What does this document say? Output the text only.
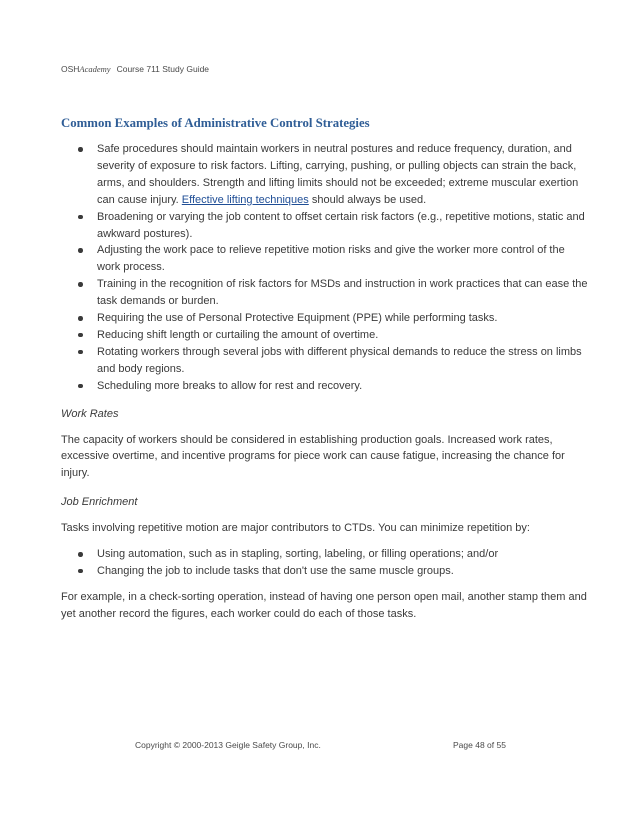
OSHAcademy Course 711 Study Guide
Common Examples of Administrative Control Strategies
Safe procedures should maintain workers in neutral postures and reduce frequency, duration, and severity of exposure to risk factors. Lifting, carrying, pushing, or pulling objects can strain the back, arms, and shoulders. Strength and lifting limits should not be exceeded; extreme muscular exertion can cause injury. Effective lifting techniques should always be used.
Broadening or varying the job content to offset certain risk factors (e.g., repetitive motions, static and awkward postures).
Adjusting the work pace to relieve repetitive motion risks and give the worker more control of the work process.
Training in the recognition of risk factors for MSDs and instruction in work practices that can ease the task demands or burden.
Requiring the use of Personal Protective Equipment (PPE) while performing tasks.
Reducing shift length or curtailing the amount of overtime.
Rotating workers through several jobs with different physical demands to reduce the stress on limbs and body regions.
Scheduling more breaks to allow for rest and recovery.
Work Rates

The capacity of workers should be considered in establishing production goals. Increased work rates, excessive overtime, and incentive programs for piece work can cause fatigue, increasing the chance for injury.

Job Enrichment

Tasks involving repetitive motion are major contributors to CTDs. You can minimize repetition by:

Using automation, such as in stapling, sorting, labeling, or filling operations; and/or
Changing the job to include tasks that don't use the same muscle groups.

For example, in a check-sorting operation, instead of having one person open mail, another stamp them and yet another record the figures, each worker could do each of those tasks.

Copyright © 2000-2013 Geigle Safety Group, Inc.	Page 48 of 55
